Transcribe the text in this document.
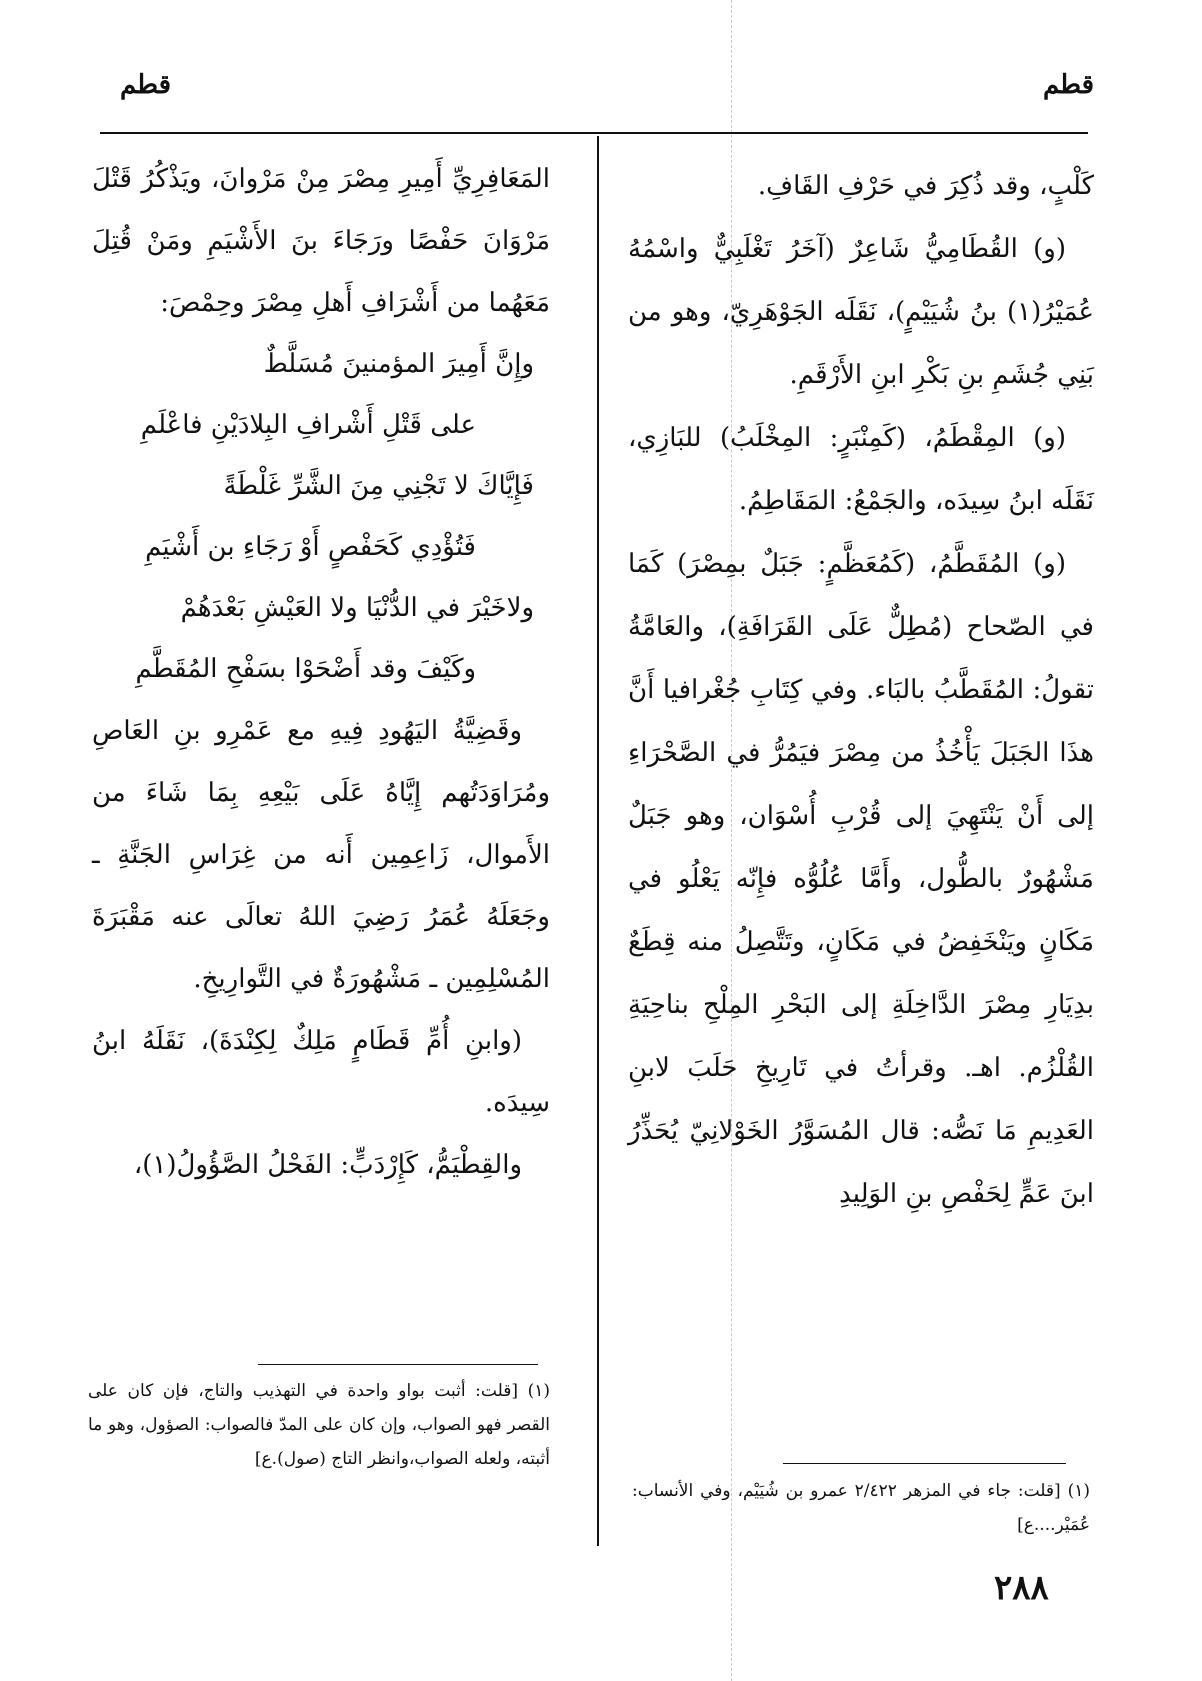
قطم
قطم

كَلْبٍ، وقد ذُكِرَ في حَرْفِ القَافِ.

(و) القُطَامِيُّ شَاعِرٌ (آخَرُ تَغْلَبِيٌّ واسْمُهُ عُمَيْرُ(١) بنُ شُيَيْمٍ)، نَقَلَه الجَوْهَرِيّ، وهو من بَنِي جُشَمِ بنِ بَكْرِ ابنِ الأَرْقَمِ.

(و) المِقْطَمُ، (كَمِنْبَرٍ: المِخْلَبُ) للبَازِي، نَقَلَه ابنُ سِيدَه، والجَمْعُ: المَقَاطِمُ.

(و) المُقَطَّمُ، (كَمُعَظَّمٍ: جَبَلٌ بمِصْرَ) كَمَا في الصّحاح (مُطِلٌّ عَلَى القَرَافَةِ)، والعَامَّةُ تقولُ: المُقَطَّبُ بالبَاء. وفي كِتَابِ جُغْرافيا أَنَّ هذَا الجَبَلَ يَأْخُذُ من مِصْرَ فيَمُرُّ في الصَّحْرَاءِ إلى أَنْ يَنْتَهِيَ إلى قُرْبِ أُسْوَان، وهو جَبَلٌ مَشْهُورٌ بالطُّول، وأَمَّا عُلُوُّه فإِنّه يَعْلُو في مَكَانٍ ويَنْخَفِضُ في مَكَانٍ، وتَتَّصِلُ منه قِطَعٌ بدِيَارِ مِصْرَ الدَّاخِلَةِ إلى البَحْرِ المِلْحِ بناحِيَةِ القُلْزُم. اهـ. وقرأتُ في تَارِيخِ حَلَبَ لابنِ العَدِيمِ مَا نَصُّه: قال المُسَوَّرُ الخَوْلانِيّ يُحَذِّرُ ابنَ عَمٍّ لِحَفْصِ بنِ الوَلِيدِ

المَعَافِرِيِّ أَمِيرِ مِصْرَ مِنْ مَرْوانَ، ويَذْكُرُ قَتْلَ مَرْوَانَ حَفْصًا ورَجَاءَ بنَ الأَشْيَمِ ومَنْ قُتِلَ مَعَهُما من أَشْرَافِ أَهلِ مِصْرَ وحِمْصَ:

وإِنَّ أَمِيرَ المؤمنينَ مُسَلَّطٌ
على قَتْلِ أَشْرافِ البِلادَيْنِ فاعْلَمِ
فَإِيَّاكَ لا تَجْنِي مِنَ الشَّرِّ غَلْطَةً
فَتُؤْدِي كَحَفْصٍ أَوْ رَجَاءِ بن أَشْيَمِ
ولاخَيْرَ في الدُّنْيَا ولا العَيْشِ بَعْدَهُمْ
وكَيْفَ وقد أَضْحَوْا بسَفْحِ المُقَطَّمِ

وقَضِيَّةُ اليَهُودِ فِيهِ مع عَمْرِو بنِ العَاصِ ومُرَاوَدَتُهم إِيَّاهُ عَلَى بَيْعِهِ بِمَا شَاءَ من الأَموال، زَاعِمِين أَنه من غِرَاسِ الجَنَّةِ ـ وجَعَلَهُ عُمَرُ رَضِيَ اللهُ تعالَى عنه مَقْبَرَةَ المُسْلِمِين ـ مَشْهُورَةٌ في التَّوارِيخِ.

(وابنِ أُمِّ قَطَامٍ مَلِكٌ لِكِنْدَةَ)، نَقَلَهُ ابنُ سِيدَه.

والقِطْيَمُّ، كَإِرْدَبٍّ: الفَحْلُ الصَّؤُولُ(١)،

(١) [قلت: جاء في المزهر ٢/٤٢٢ عمرو بن شُيَيْم، وفي الأنساب: عُمَيْر....ع]
(١) [قلت: أثبت بواو واحدة في التهذيب والتاج، فإن كان على القصر فهو الصواب، وإن كان على المدّ فالصواب: الصؤول، وهو ما أثبته، ولعله الصواب،وانظر التاج (صول).ع]
٢٨٨
